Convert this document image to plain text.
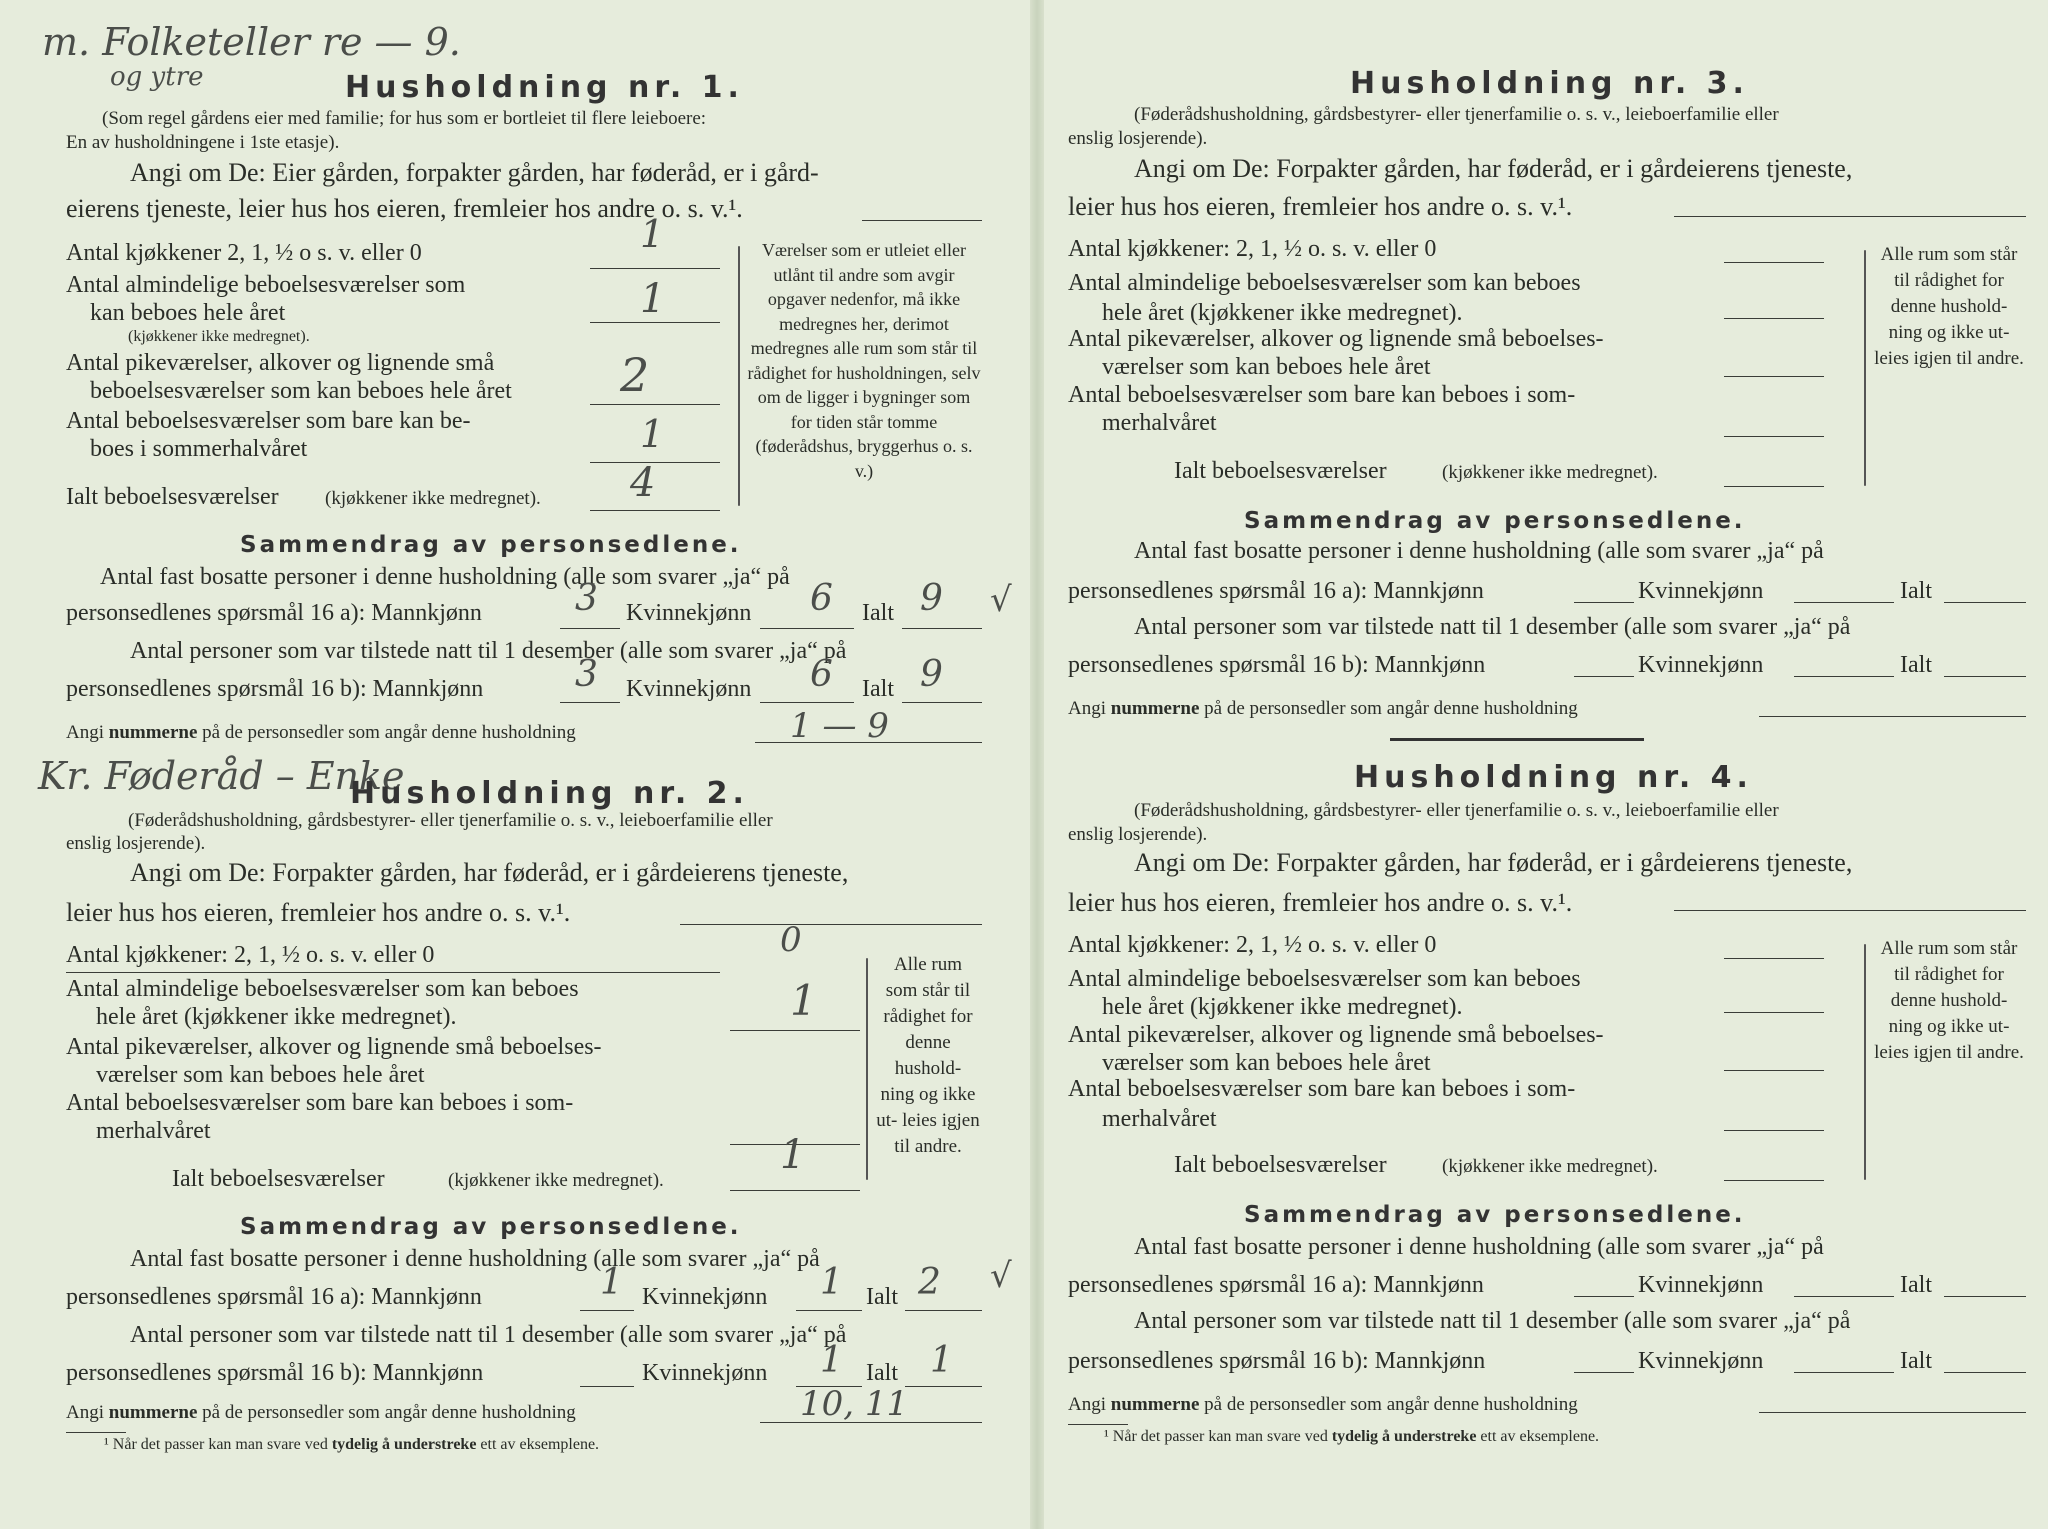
m. Folketeller re — 9.
og ytre	Husholdning nr. 1.
(Som regel gårdens eier med familie; for hus som er bortleiet til flere leieboere:
En av husholdningene i 1ste etasje).
Angi om De: Eier gården, forpakter gården, har føderåd, er i gård-
eierens tjeneste, leier hus hos eieren, fremleier hos andre o. s. v.¹.
Antal kjøkkener 2, 1, ½ o s. v. eller 0	1
Antal almindelige beboelsesværelser som
kan beboes hele året
(kjøkkener ikke medregnet).
1
Antal pikeværelser, alkover og lignende små
beboelsesværelser som kan beboes hele året 2
Antal beboelsesværelser som bare kan be-
boes i sommerhalvåret	1
Ialt beboelsesværelser (kjøkkener ikke medregnet). 4
Værelser som er utleiet eller utlånt til andre som avgir opgaver nedenfor, må ikke medregnes her, derimot medregnes alle rum som står til rådighet for husholdningen, selv om de ligger i bygninger som for tiden står tomme (føderådshus, bryggerhus o. s. v.)
Sammendrag av personsedlene.
Antal fast bosatte personer i denne husholdning (alle som svarer „ja“ på
personsedlenes spørsmål 16 a): Mannkjønn	3 Kvinnekjønn 6 Ialt 9 √
Antal personer som var tilstede natt til 1 desember (alle som svarer „ja“ på
personsedlenes spørsmål 16 b): Mannkjønn	3 Kvinnekjønn 6 Ialt 9
Angi nummerne på de personsedler som angår denne husholdning	1 — 9
Kr. Føderåd – Enke
Husholdning nr. 2.
(Føderådshusholdning, gårdsbestyrer- eller tjenerfamilie o. s. v., leieboerfamilie eller
enslig losjerende).
Angi om De: Forpakter gården, har føderåd, er i gårdeierens tjeneste,
leier hus hos eieren, fremleier hos andre o. s. v.¹.
Antal kjøkkener: 2, 1, ½ o. s. v. eller 0	0
Antal almindelige beboelsesværelser som kan beboes
hele året (kjøkkener ikke medregnet).	1
Antal pikeværelser, alkover og lignende små beboelses-
værelser som kan beboes hele året
Antal beboelsesværelser som bare kan beboes i som-
merhalvåret
Ialt beboelsesværelser	(kjøkkener ikke medregnet).
1
Alle rum som står til rådighet for denne hushold- ning og ikke ut- leies igjen til andre.
Sammendrag av personsedlene.
Antal fast bosatte personer i denne husholdning (alle som svarer „ja“ på
personsedlenes spørsmål 16 a): Mannkjønn	1 Kvinnekjønn 1 Ialt 2 √
Antal personer som var tilstede natt til 1 desember (alle som svarer „ja“ på
personsedlenes spørsmål 16 b): Mannkjønn	Kvinnekjønn 1 Ialt 1
Angi nummerne på de personsedler som angår denne husholdning	10, 11
¹ Når det passer kan man svare ved tydelig å understreke ett av eksemplene.
Husholdning nr. 3.
(Føderådshusholdning, gårdsbestyrer- eller tjenerfamilie o. s. v., leieboerfamilie eller
enslig losjerende).
Angi om De: Forpakter gården, har føderåd, er i gårdeierens tjeneste,
leier hus hos eieren, fremleier hos andre o. s. v.¹.
Antal kjøkkener: 2, 1, ½ o. s. v. eller 0
Antal almindelige beboelsesværelser som kan beboes
hele året (kjøkkener ikke medregnet).
Antal pikeværelser, alkover og lignende små beboelses-
værelser som kan beboes hele året
Antal beboelsesværelser som bare kan beboes i som-
merhalvåret
Ialt beboelsesværelser	(kjøkkener ikke medregnet).
Alle rum som står til rådighet for denne hushold- ning og ikke ut- leies igjen til andre.
Sammendrag av personsedlene.
Antal fast bosatte personer i denne husholdning (alle som svarer „ja“ på
personsedlenes spørsmål 16 a): Mannkjønn	Kvinnekjønn	Ialt
Antal personer som var tilstede natt til 1 desember (alle som svarer „ja“ på
personsedlenes spørsmål 16 b): Mannkjønn	Kvinnekjønn	Ialt
Angi nummerne på de personsedler som angår denne husholdning
Husholdning nr. 4.
(Føderådshusholdning, gårdsbestyrer- eller tjenerfamilie o. s. v., leieboerfamilie eller
enslig losjerende).
Angi om De: Forpakter gården, har føderåd, er i gårdeierens tjeneste,
leier hus hos eieren, fremleier hos andre o. s. v.¹.
Antal kjøkkener: 2, 1, ½ o. s. v. eller 0
Antal almindelige beboelsesværelser som kan beboes
hele året (kjøkkener ikke medregnet).
Antal pikeværelser, alkover og lignende små beboelses-
værelser som kan beboes hele året
Antal beboelsesværelser som bare kan beboes i som-
merhalvåret
Ialt beboelsesværelser	(kjøkkener ikke medregnet).
Alle rum som står til rådighet for denne hushold- ning og ikke ut- leies igjen til andre.
Sammendrag av personsedlene.
Antal fast bosatte personer i denne husholdning (alle som svarer „ja“ på
personsedlenes spørsmål 16 a): Mannkjønn	Kvinnekjønn	Ialt
Antal personer som var tilstede natt til 1 desember (alle som svarer „ja“ på
personsedlenes spørsmål 16 b): Mannkjønn	Kvinnekjønn	Ialt
Angi nummerne på de personsedler som angår denne husholdning
¹ Når det passer kan man svare ved tydelig å understreke ett av eksemplene.
